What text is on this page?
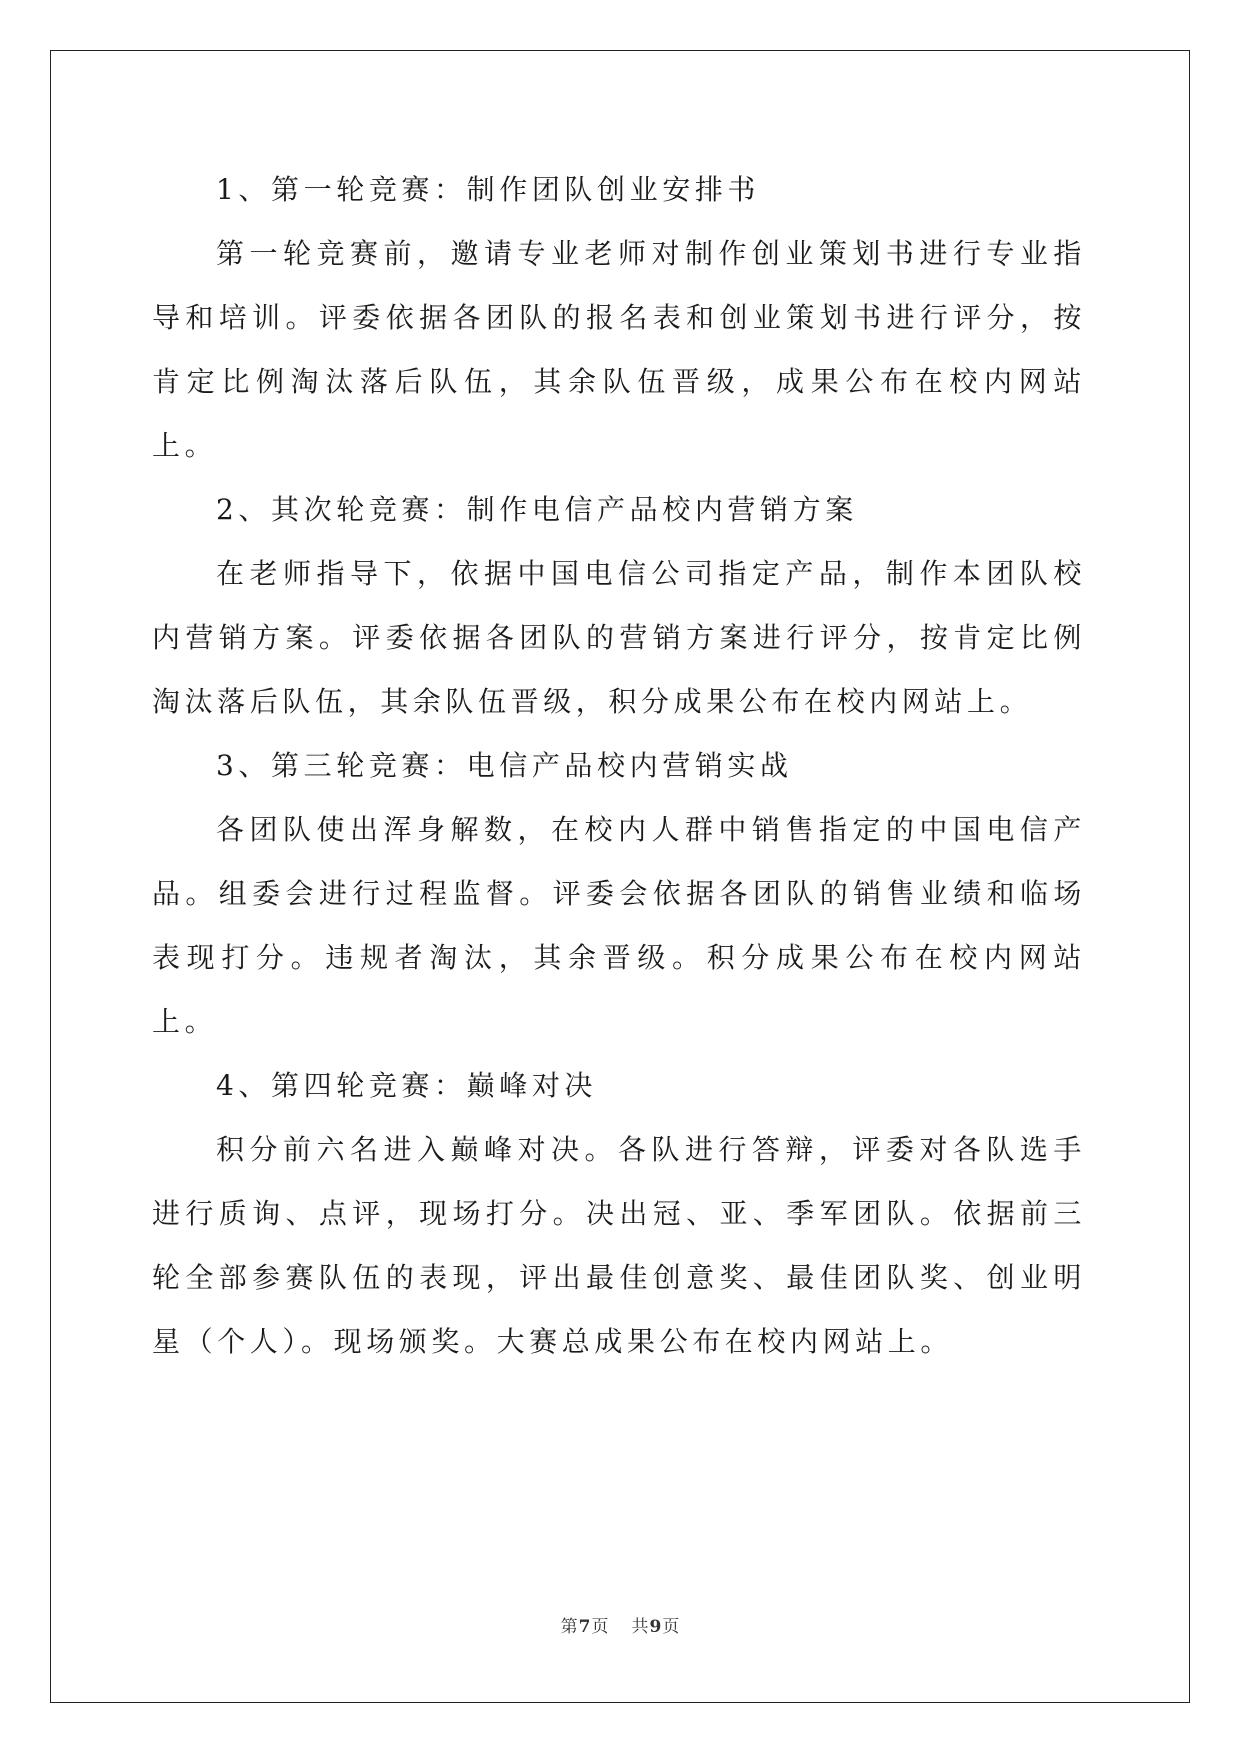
1、第一轮竞赛：制作团队创业安排书

第一轮竞赛前，邀请专业老师对制作创业策划书进行专业指导和培训。评委依据各团队的报名表和创业策划书进行评分，按肯定比例淘汰落后队伍，其余队伍晋级，成果公布在校内网站上。

2、其次轮竞赛：制作电信产品校内营销方案

在老师指导下，依据中国电信公司指定产品，制作本团队校内营销方案。评委依据各团队的营销方案进行评分，按肯定比例淘汰落后队伍，其余队伍晋级，积分成果公布在校内网站上。

3、第三轮竞赛：电信产品校内营销实战

各团队使出浑身解数，在校内人群中销售指定的中国电信产品。组委会进行过程监督。评委会依据各团队的销售业绩和临场表现打分。违规者淘汰，其余晋级。积分成果公布在校内网站上。

4、第四轮竞赛：巅峰对决

积分前六名进入巅峰对决。各队进行答辩，评委对各队选手进行质询、点评，现场打分。决出冠、亚、季军团队。依据前三轮全部参赛队伍的表现，评出最佳创意奖、最佳团队奖、创业明星（个人）。现场颁奖。大赛总成果公布在校内网站上。

第7页 共9页
